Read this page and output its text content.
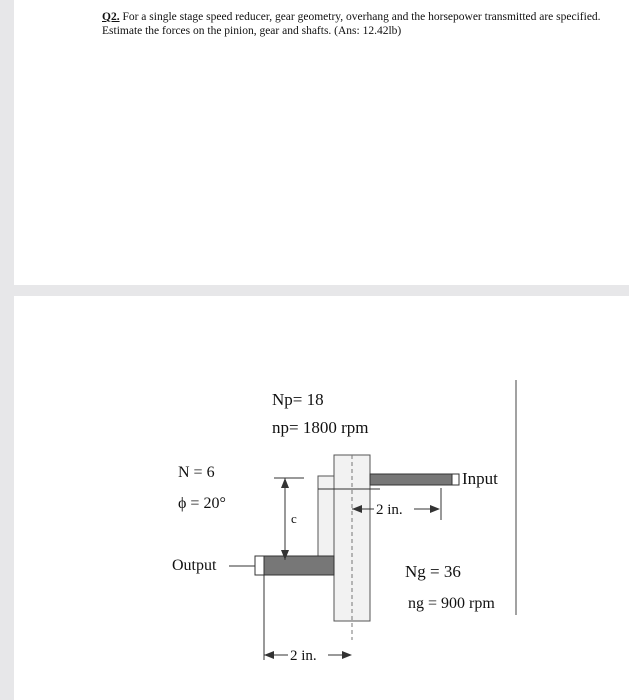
Q2. For a single stage speed reducer, gear geometry, overhang and the horsepower transmitted are specified. Estimate the forces on the pinion, gear and shafts. (Ans: 12.42lb)
Np= 18
np= 1800 rpm
N = 6
ϕ = 20°
Input
Output
c
2 in.
Ng = 36
ng = 900 rpm
2 in.
